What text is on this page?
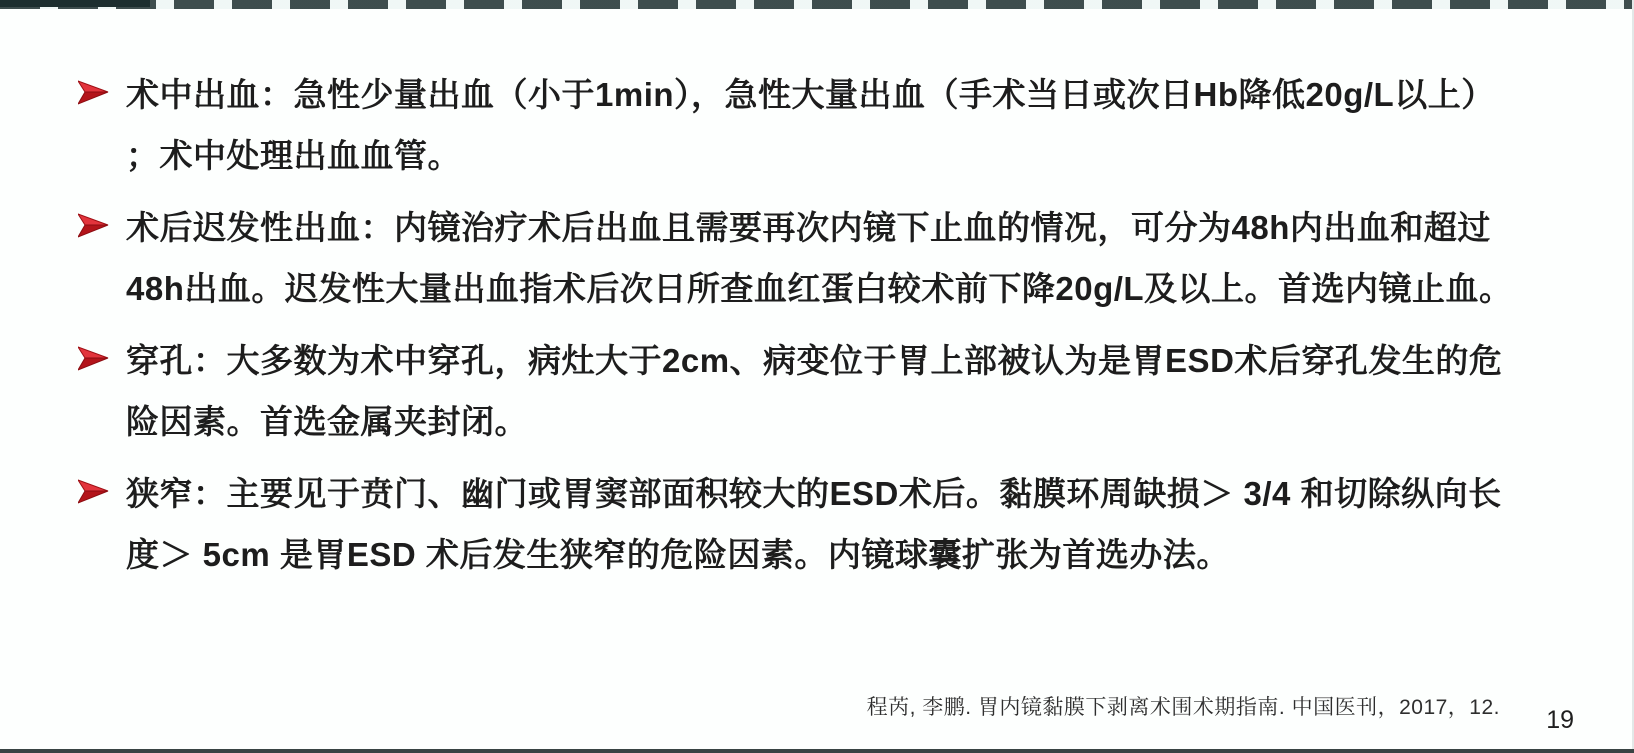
术中出血：急性少量出血（小于1min），急性大量出血（手术当日或次日Hb降低20g/L以上）
；术中处理出血血管。
术后迟发性出血：内镜治疗术后出血且需要再次内镜下止血的情况，可分为48h内出血和超过
48h出血。迟发性大量出血指术后次日所查血红蛋白较术前下降20g/L及以上。首选内镜止血。
穿孔：大多数为术中穿孔，病灶大于2cm、病变位于胃上部被认为是胃ESD术后穿孔发生的危
险因素。首选金属夹封闭。
狭窄：主要见于贲门、幽门或胃窦部面积较大的ESD术后。黏膜环周缺损＞ 3/4 和切除纵向长
度＞ 5cm 是胃ESD 术后发生狭窄的危险因素。内镜球囊扩张为首选办法。
程芮, 李鹏. 胃内镜黏膜下剥离术围术期指南. 中国医刊，2017，12. 19
